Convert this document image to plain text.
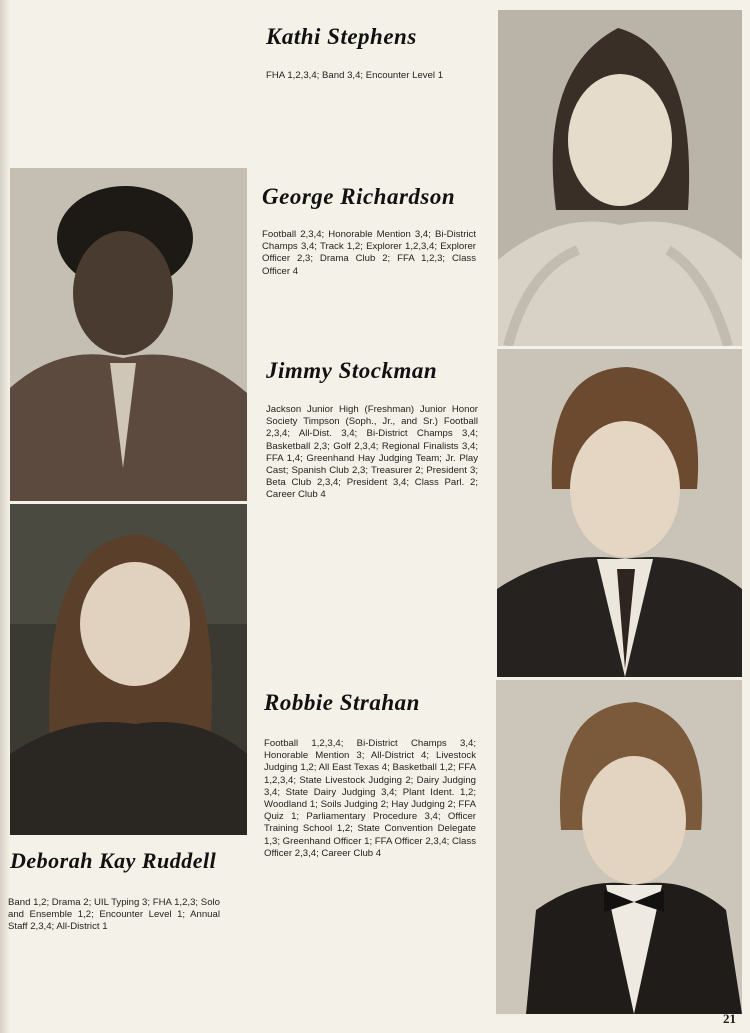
Kathi Stephens
FHA 1,2,3,4; Band 3,4; Encounter Level 1
George Richardson
Football 2,3,4; Honorable Mention 3,4; Bi-District Champs 3,4; Track 1,2; Explorer 1,2,3,4; Explorer Officer 2,3; Drama Club 2; FFA 1,2,3; Class Officer 4
Jimmy Stockman
Jackson Junior High (Freshman) Junior Honor Society Timpson (Soph., Jr., and Sr.) Football 2,3,4; All-Dist. 3,4; Bi-District Champs 3,4; Basketball 2,3; Golf 2,3,4; Regional Finalists 3,4; FFA 1,4; Greenhand Hay Judging Team; Jr. Play Cast; Spanish Club 2,3; Treasurer 2; President 3; Beta Club 2,3,4; President 3,4; Class Parl. 2; Career Club 4
Robbie Strahan
Football 1,2,3,4; Bi-District Champs 3,4; Honorable Mention 3; All-District 4; Livestock Judging 1,2; All East Texas 4; Basketball 1,2; FFA 1,2,3,4; State Livestock Judging 2; Dairy Judging 3,4; State Dairy Judging 3,4; Plant Ident. 1,2; Woodland 1; Soils Judging 2; Hay Judging 2; FFA Quiz 1; Parliamentary Procedure 3,4; Officer Training School 1,2; State Convention Delegate 1,3; Greenhand Officer 1; FFA Officer 2,3,4; Class Officer 2,3,4; Career Club 4
Deborah Kay Ruddell
Band 1,2; Drama 2; UIL Typing 3; FHA 1,2,3; Solo and Ensemble 1,2; Encounter Level 1; Annual Staff 2,3,4; All-District 1
21
